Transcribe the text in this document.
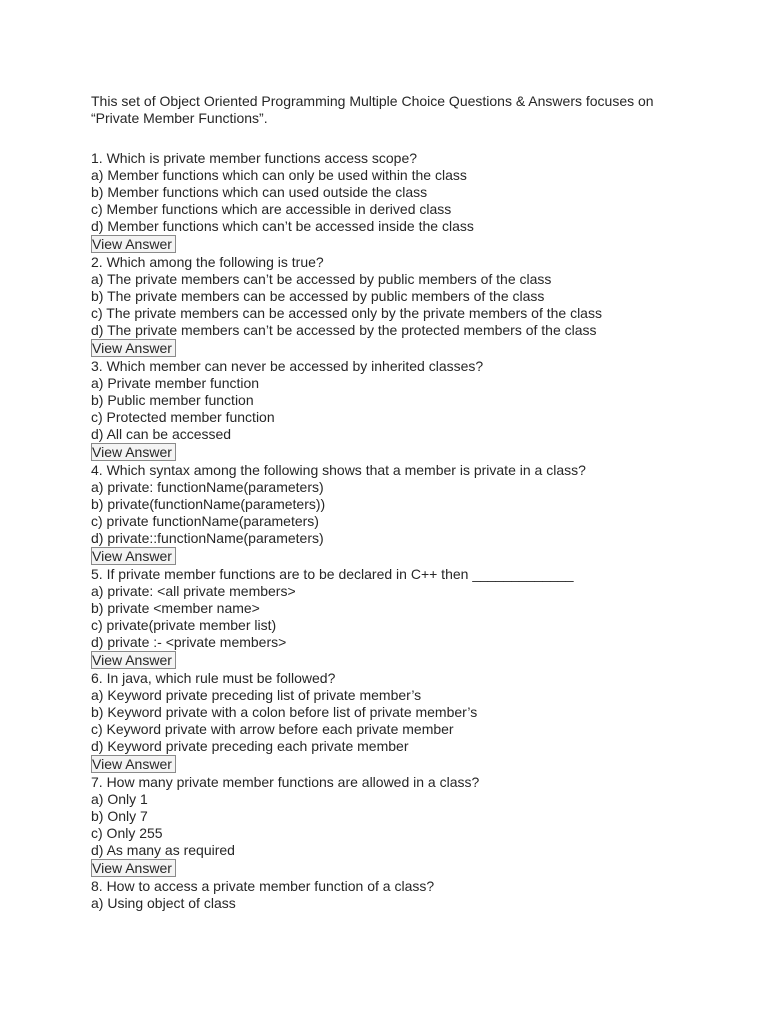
This set of Object Oriented Programming Multiple Choice Questions & Answers focuses on
“Private Member Functions”.
1. Which is private member functions access scope?
a) Member functions which can only be used within the class
b) Member functions which can used outside the class
c) Member functions which are accessible in derived class
d) Member functions which can’t be accessed inside the class
View Answer
2. Which among the following is true?
a) The private members can’t be accessed by public members of the class
b) The private members can be accessed by public members of the class
c) The private members can be accessed only by the private members of the class
d) The private members can’t be accessed by the protected members of the class
View Answer
3. Which member can never be accessed by inherited classes?
a) Private member function
b) Public member function
c) Protected member function
d) All can be accessed
View Answer
4. Which syntax among the following shows that a member is private in a class?
a) private: functionName(parameters)
b) private(functionName(parameters))
c) private functionName(parameters)
d) private::functionName(parameters)
View Answer
5. If private member functions are to be declared in C++ then _____________
a) private: <all private members>
b) private <member name>
c) private(private member list)
d) private :- <private members>
View Answer
6. In java, which rule must be followed?
a) Keyword private preceding list of private member’s
b) Keyword private with a colon before list of private member’s
c) Keyword private with arrow before each private member
d) Keyword private preceding each private member
View Answer
7. How many private member functions are allowed in a class?
a) Only 1
b) Only 7
c) Only 255
d) As many as required
View Answer
8. How to access a private member function of a class?
a) Using object of class
